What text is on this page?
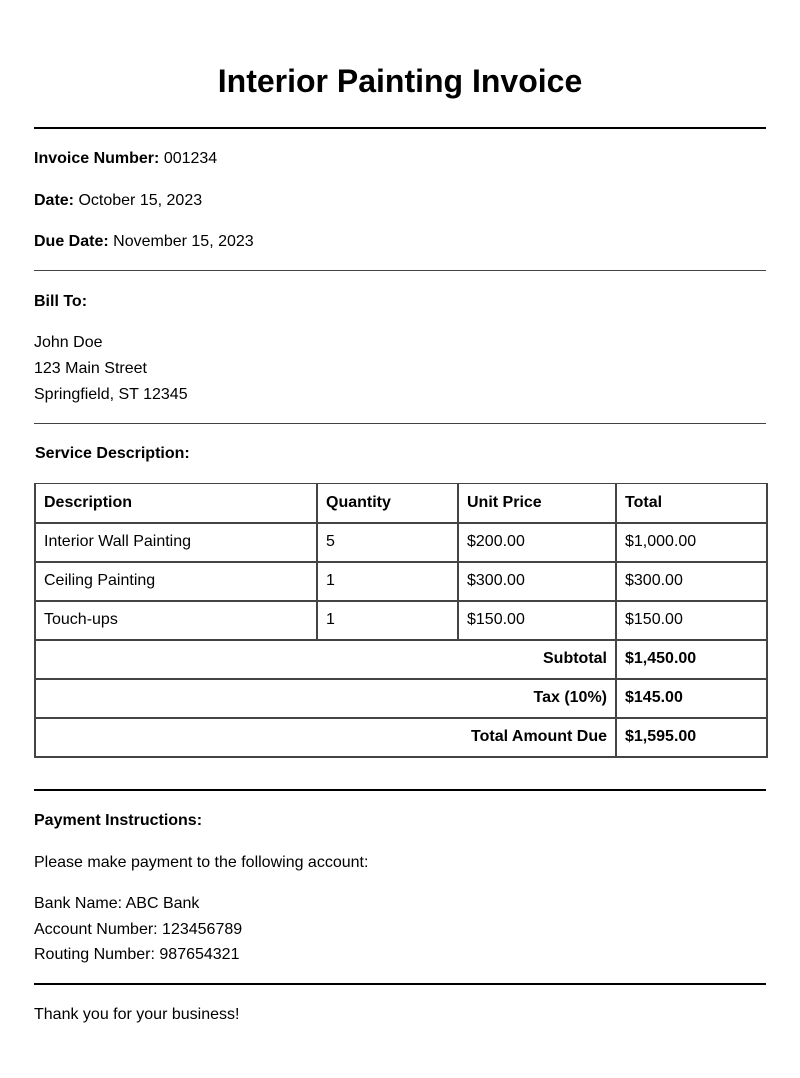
Interior Painting Invoice
Invoice Number: 001234
Date: October 15, 2023
Due Date: November 15, 2023
Bill To:
John Doe
123 Main Street
Springfield, ST 12345
Service Description:
Description	Quantity	Unit Price	Total
Interior Wall Painting	5	$200.00	$1,000.00
Ceiling Painting	1	$300.00	$300.00
Touch-ups	1	$150.00	$150.00
Subtotal			$1,450.00
Tax (10%)			$145.00
Total Amount Due			$1,595.00
Payment Instructions:
Please make payment to the following account:
Bank Name: ABC Bank
Account Number: 123456789
Routing Number: 987654321
Thank you for your business!
